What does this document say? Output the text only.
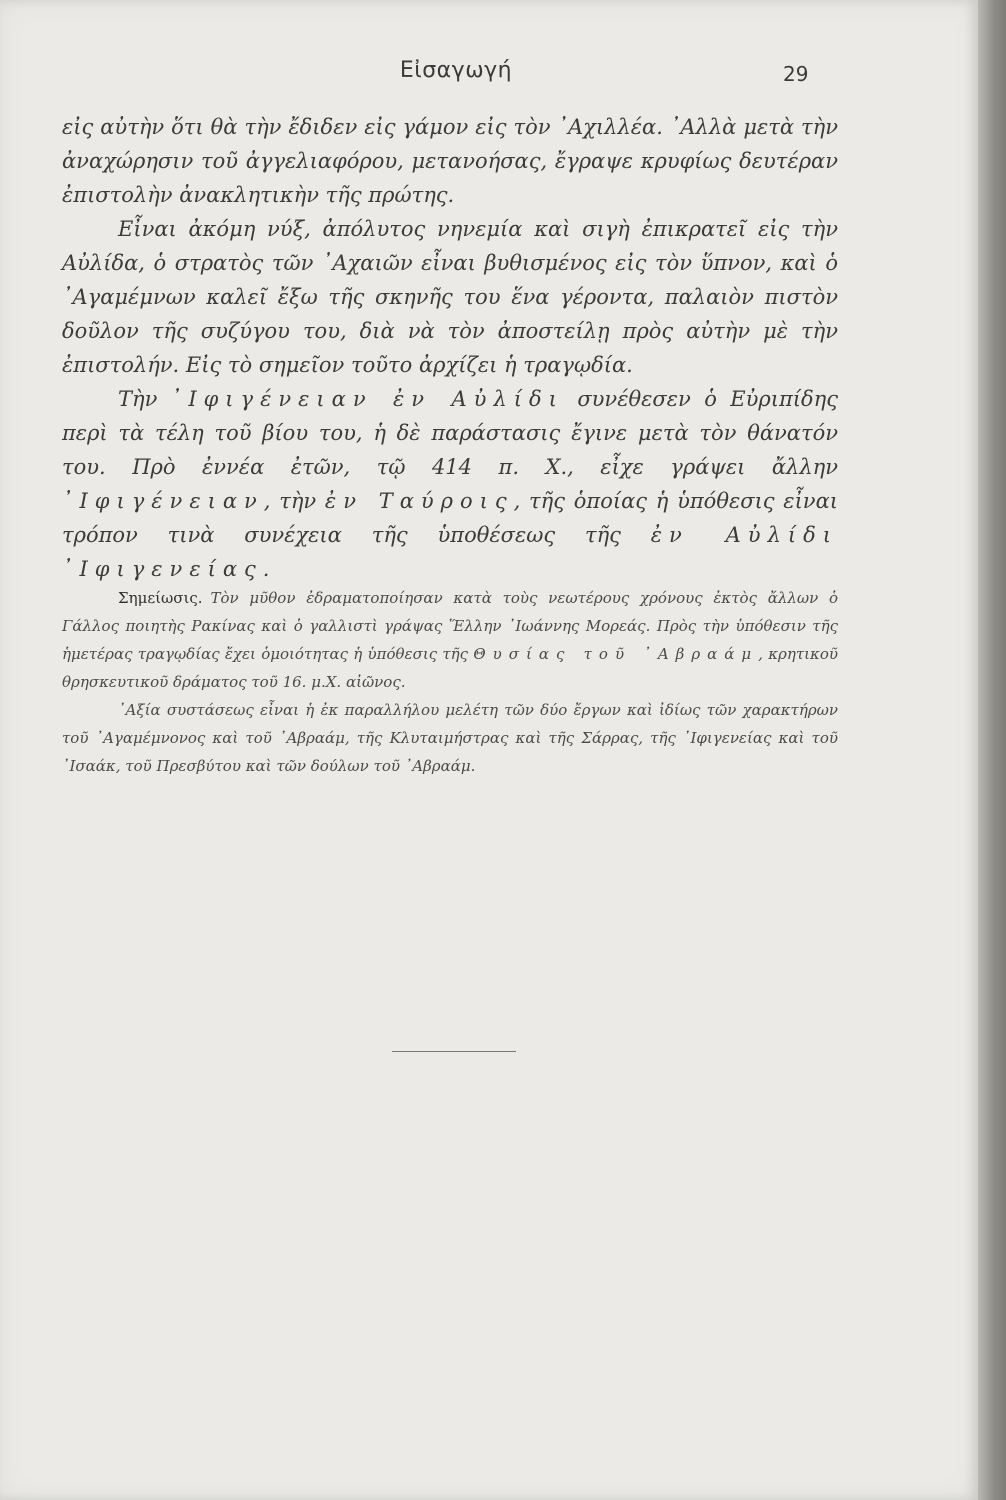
Εἰσαγωγή	29

εἰς αὐτὴν ὅτι θὰ τὴν ἔδιδεν εἰς γάμον εἰς τὸν ᾿Αχιλλέα. ᾿Αλλὰ μετὰ τὴν ἀναχώρησιν τοῦ ἀγγελιαφόρου, μετανοήσας, ἔγραψε κρυφίως δευτέραν ἐπιστολὴν ἀνακλητικὴν τῆς πρώτης.

Εἶναι ἀκόμη νύξ, ἀπόλυτος νηνεμία καὶ σιγὴ ἐπικρατεῖ εἰς τὴν Αὐλίδα, ὁ στρατὸς τῶν ᾿Αχαιῶν εἶναι βυθισμένος εἰς τὸν ὕπνον, καὶ ὁ ᾿Αγαμέμνων καλεῖ ἔξω τῆς σκηνῆς του ἕνα γέροντα, παλαιὸν πιστὸν δοῦλον τῆς συζύγου του, διὰ νὰ τὸν ἀποστείλῃ πρὸς αὐτὴν μὲ τὴν ἐπιστολήν. Εἰς τὸ σημεῖον τοῦτο ἀρχίζει ἡ τραγῳδία.

Τὴν ᾿Ιφιγένειαν ἐν Αὐλίδι συνέθεσεν ὁ Εὐριπίδης περὶ τὰ τέλη τοῦ βίου του, ἡ δὲ παράστασις ἔγινε μετὰ τὸν θάνατόν του. Πρὸ ἐννέα ἐτῶν, τῷ 414 π. Χ., εἶχε γράψει ἄλλην ᾿Ιφιγένειαν, τὴν ἐν Ταύροις, τῆς ὁποίας ἡ ὑπόθεσις εἶναι τρόπον τινὰ συνέχεια τῆς ὑποθέσεως τῆς ἐν Αὐλίδι ᾿Ιφιγενείας.

Σημείωσις. Τὸν μῦθον ἐδραματοποίησαν κατὰ τοὺς νεωτέρους χρόνους ἐκτὸς ἄλλων ὁ Γάλλος ποιητὴς Ρακίνας καὶ ὁ γαλλιστὶ γράψας Ἕλλην ᾿Ιωάννης Μορεάς. Πρὸς τὴν ὑπόθεσιν τῆς ἡμετέρας τραγῳδίας ἔχει ὁμοιότητας ἡ ὑπόθεσις τῆς Θυσίας τοῦ ᾿Αβραάμ, κρητικοῦ θρησκευτικοῦ δράματος τοῦ 16. μ.Χ. αἰῶνος.

᾿Αξία συστάσεως εἶναι ἡ ἐκ παραλλήλου μελέτη τῶν δύο ἔργων καὶ ἰδίως τῶν χαρακτήρων τοῦ ᾿Αγαμέμνονος καὶ τοῦ ᾿Αβραάμ, τῆς Κλυταιμήστρας καὶ τῆς Σάρρας, τῆς ᾿Ιφιγενείας καὶ τοῦ ᾿Ισαάκ, τοῦ Πρεσβύτου καὶ τῶν δούλων τοῦ ᾿Αβραάμ.
